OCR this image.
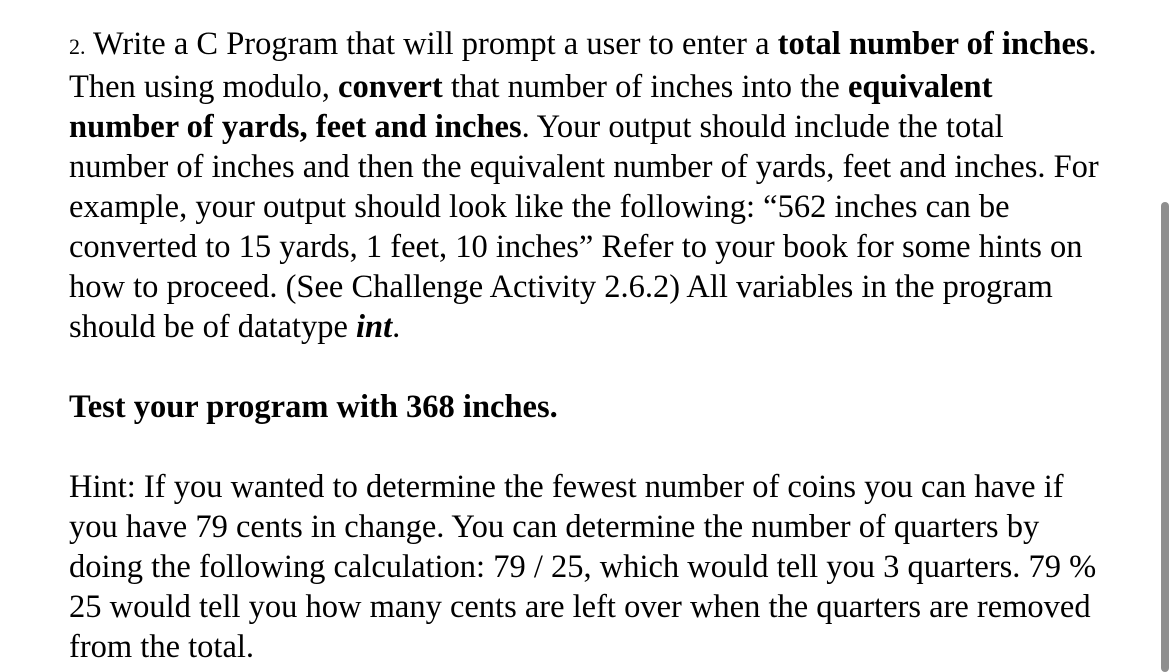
2. Write a C Program that will prompt a user to enter a total number of inches. Then using modulo, convert that number of inches into the equivalent number of yards, feet and inches. Your output should include the total number of inches and then the equivalent number of yards, feet and inches. For example, your output should look like the following: “562 inches can be converted to 15 yards, 1 feet, 10 inches” Refer to your book for some hints on how to proceed. (See Challenge Activity 2.6.2) All variables in the program should be of datatype int.

Test your program with 368 inches.

Hint: If you wanted to determine the fewest number of coins you can have if you have 79 cents in change. You can determine the number of quarters by doing the following calculation: 79 / 25, which would tell you 3 quarters. 79 % 25 would tell you how many cents are left over when the quarters are removed from the total.
